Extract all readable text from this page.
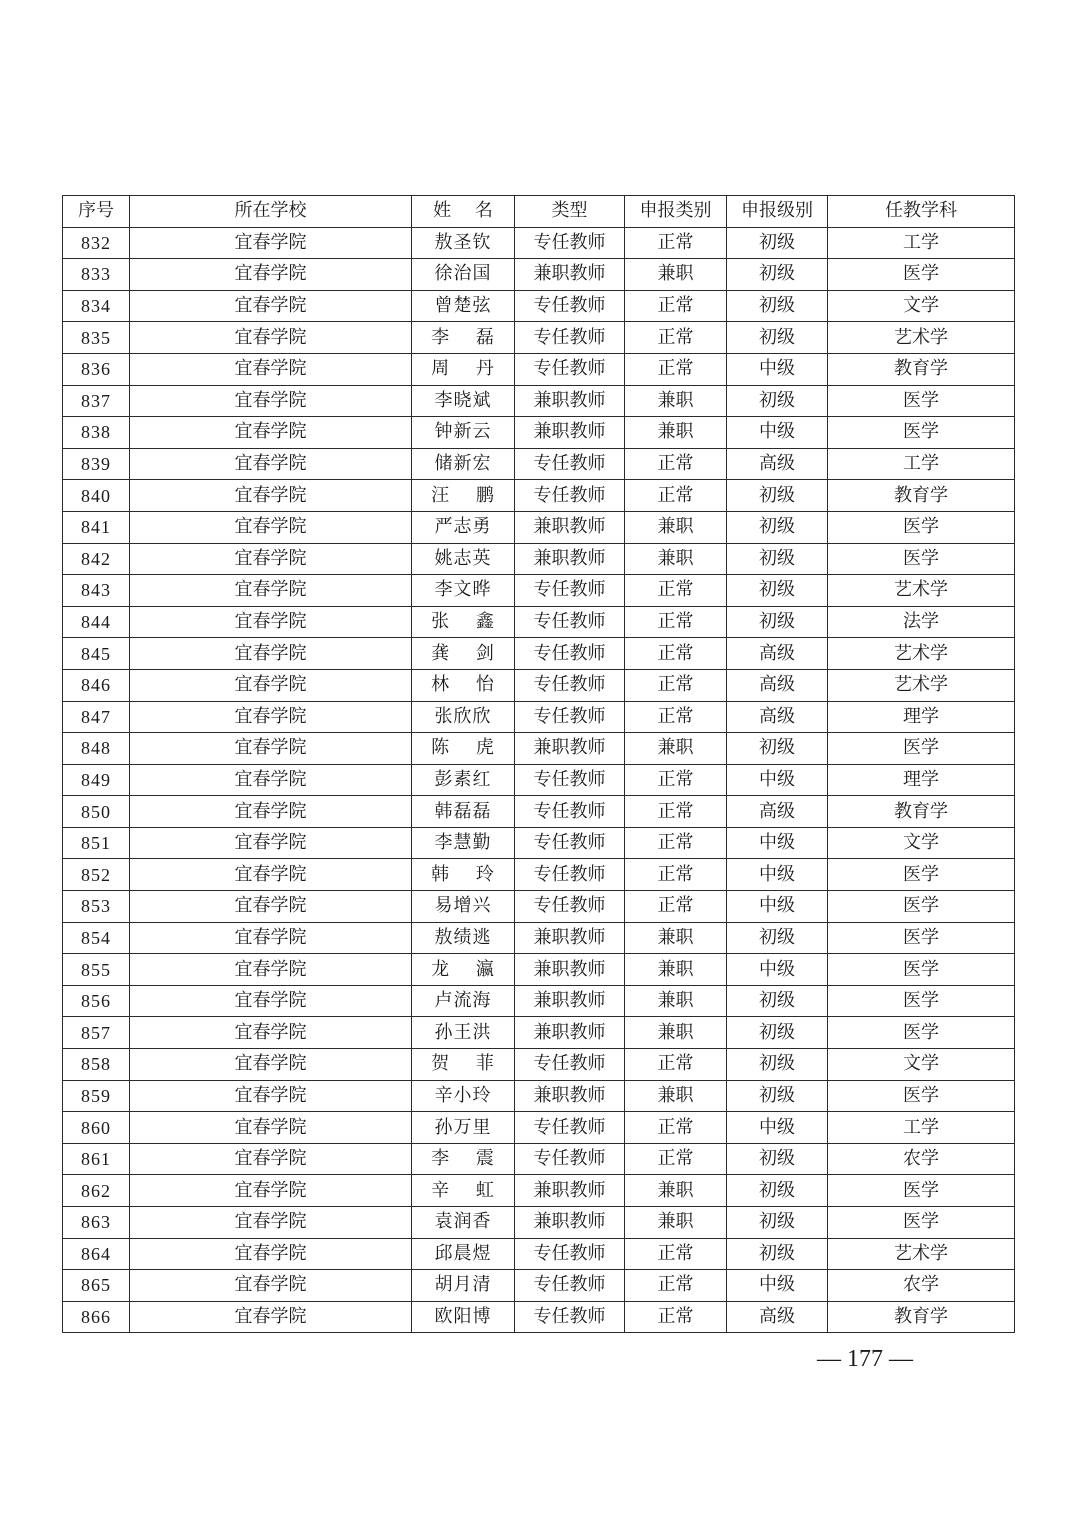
序号	所在学校	姓　 名	类型	申报类别	申报级别	任教学科
832	宜春学院	敖圣钦	专任教师	正常	初级	工学
833	宜春学院	徐治国	兼职教师	兼职	初级	医学
834	宜春学院	曾楚弦	专任教师	正常	初级	文学
835	宜春学院	李　 磊	专任教师	正常	初级	艺术学
836	宜春学院	周　 丹	专任教师	正常	中级	教育学
837	宜春学院	李晓斌	兼职教师	兼职	初级	医学
838	宜春学院	钟新云	兼职教师	兼职	中级	医学
839	宜春学院	储新宏	专任教师	正常	高级	工学
840	宜春学院	汪　 鹏	专任教师	正常	初级	教育学
841	宜春学院	严志勇	兼职教师	兼职	初级	医学
842	宜春学院	姚志英	兼职教师	兼职	初级	医学
843	宜春学院	李文晔	专任教师	正常	初级	艺术学
844	宜春学院	张　 鑫	专任教师	正常	初级	法学
845	宜春学院	龚　 剑	专任教师	正常	高级	艺术学
846	宜春学院	林　 怡	专任教师	正常	高级	艺术学
847	宜春学院	张欣欣	专任教师	正常	高级	理学
848	宜春学院	陈　 虎	兼职教师	兼职	初级	医学
849	宜春学院	彭素红	专任教师	正常	中级	理学
850	宜春学院	韩磊磊	专任教师	正常	高级	教育学
851	宜春学院	李慧勤	专任教师	正常	中级	文学
852	宜春学院	韩　 玲	专任教师	正常	中级	医学
853	宜春学院	易增兴	专任教师	正常	中级	医学
854	宜春学院	敖绩逃	兼职教师	兼职	初级	医学
855	宜春学院	龙　 瀛	兼职教师	兼职	中级	医学
856	宜春学院	卢流海	兼职教师	兼职	初级	医学
857	宜春学院	孙王洪	兼职教师	兼职	初级	医学
858	宜春学院	贺　 菲	专任教师	正常	初级	文学
859	宜春学院	辛小玲	兼职教师	兼职	初级	医学
860	宜春学院	孙万里	专任教师	正常	中级	工学
861	宜春学院	李　 震	专任教师	正常	初级	农学
862	宜春学院	辛　 虹	兼职教师	兼职	初级	医学
863	宜春学院	袁润香	兼职教师	兼职	初级	医学
864	宜春学院	邱晨煜	专任教师	正常	初级	艺术学
865	宜春学院	胡月清	专任教师	正常	中级	农学
866	宜春学院	欧阳博	专任教师	正常	高级	教育学
— 177 —
